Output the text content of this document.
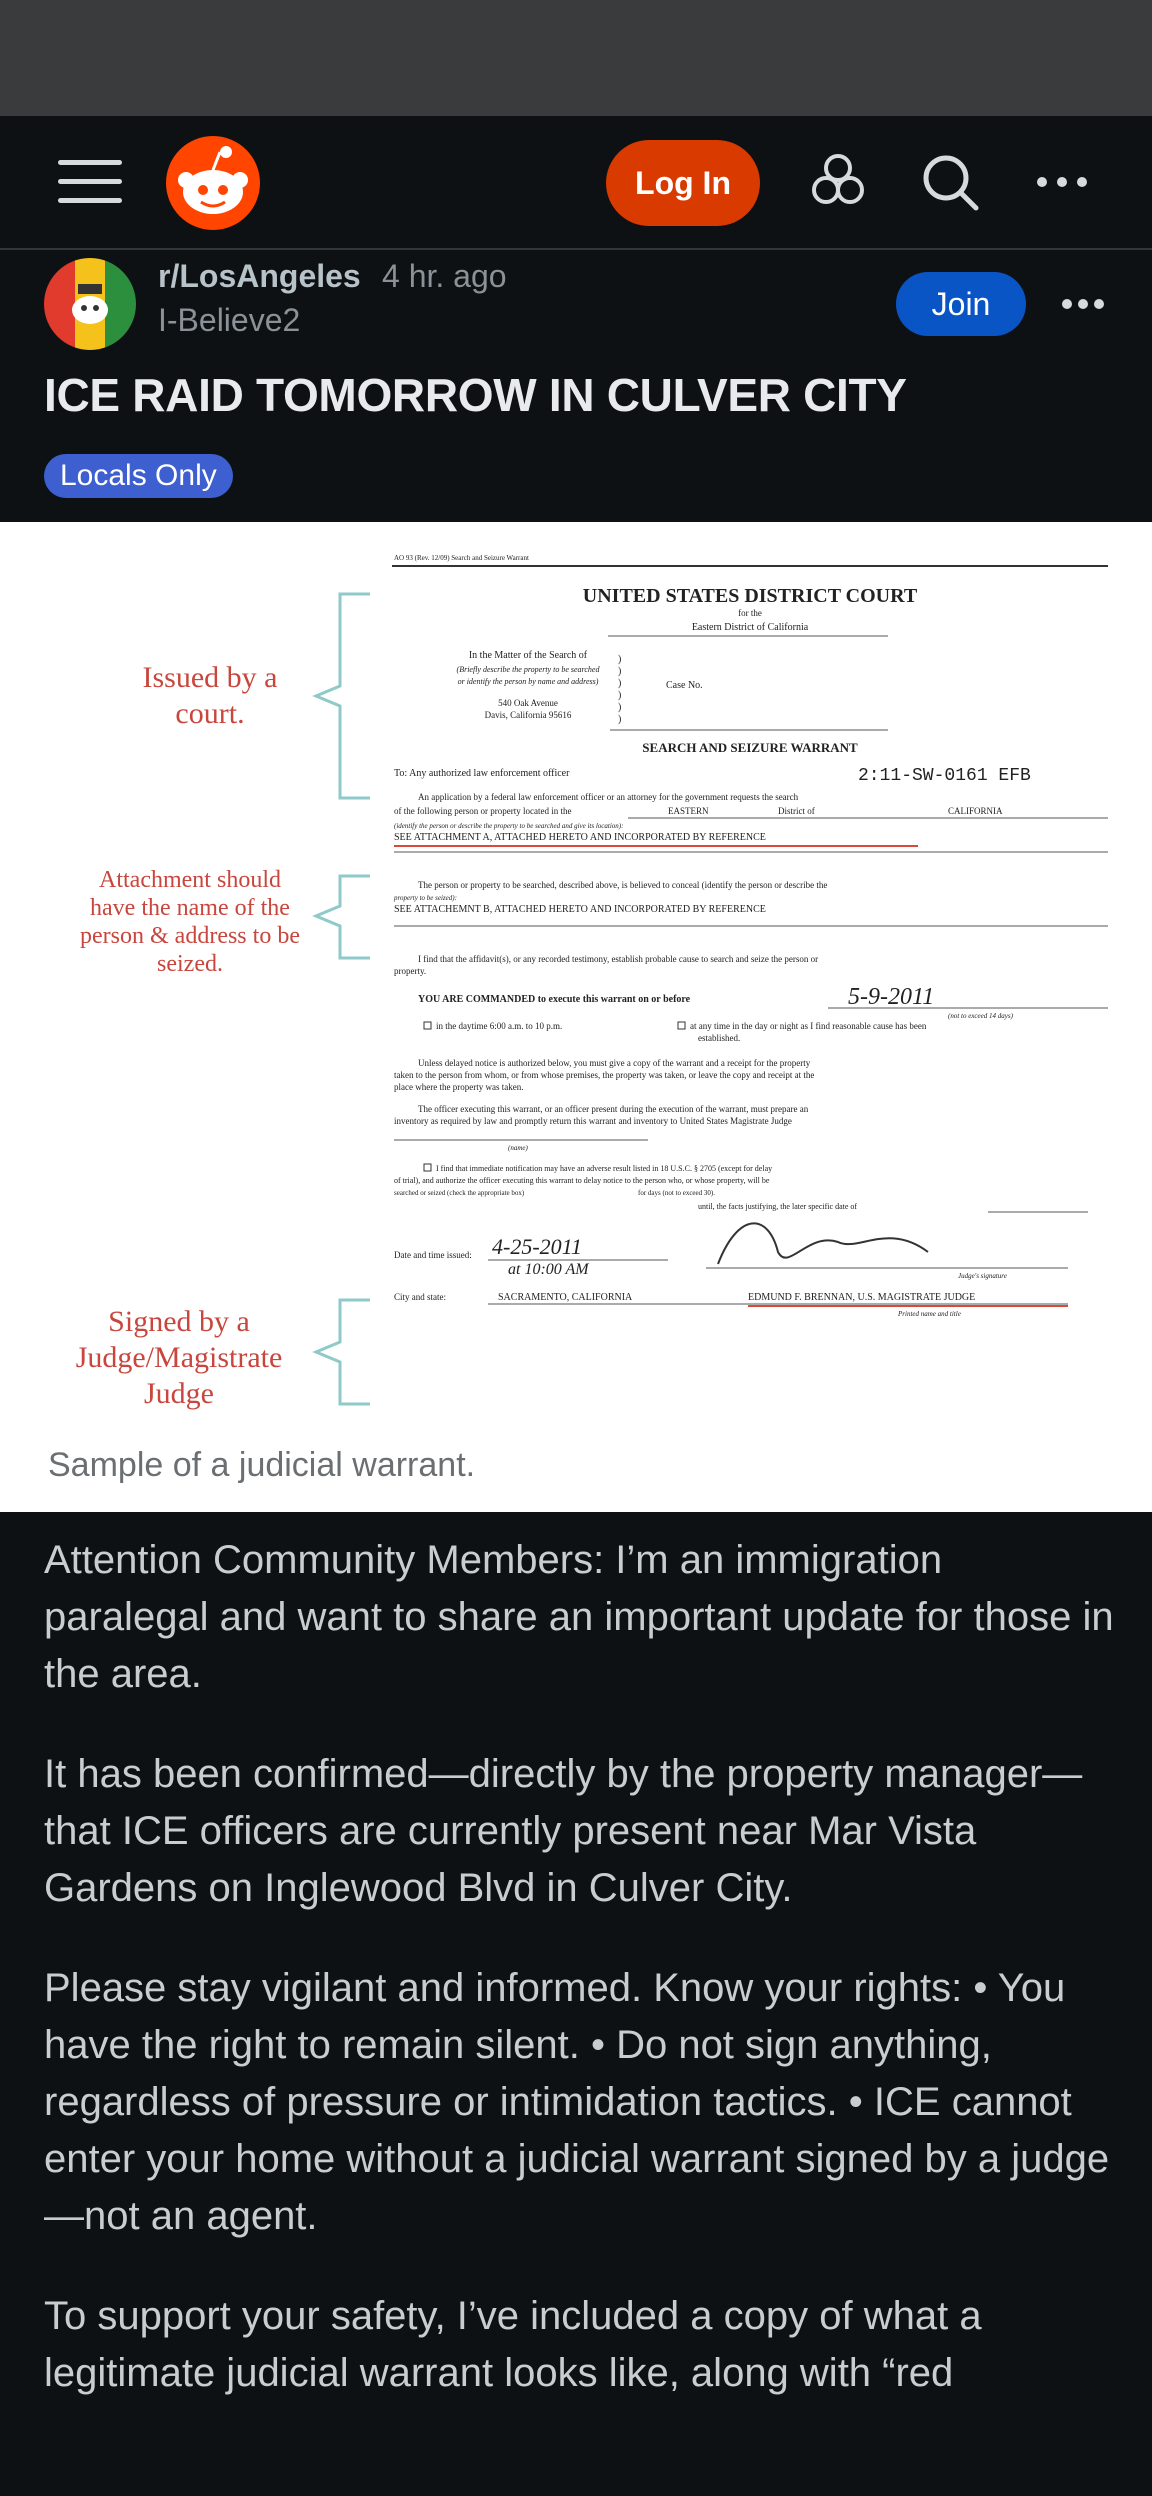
Log In
r/LosAngeles 4 hr. ago
I-Believe2	Join
ICE RAID TOMORROW IN CULVER CITY
Locals Only
Issued by a court.
Attachment should have the name of the person & address to be seized.
Signed by a Judge/Magistrate Judge
AO 93 (Rev. 12/09) Search and Seizure Warrant
UNITED STATES DISTRICT COURT
for the
Eastern District of California
In the Matter of the Search of
(Briefly describe the property to be searched
or identify the person by name and address)
540 Oak Avenue
Davis, California 95616
)
)
)
)
)
)
Case No.
SEARCH AND SEIZURE WARRANT
To: Any authorized law enforcement officer	2:11-SW-0161 EFB
An application by a federal law enforcement officer or an attorney for the government requests the search
of the following person or property located in the	EASTERN	District of	CALIFORNIA
(identify the person or describe the property to be searched and give its location):
SEE ATTACHMENT A, ATTACHED HERETO AND INCORPORATED BY REFERENCE
The person or property to be searched, described above, is believed to conceal (identify the person or describe the
property to be seized):
SEE ATTACHEMNT B, ATTACHED HERETO AND INCORPORATED BY REFERENCE
I find that the affidavit(s), or any recorded testimony, establish probable cause to search and seize the person or
property.
YOU ARE COMMANDED to execute this warrant on or before	5-9-2011
(not to exceed 14 days)
in the daytime 6:00 a.m. to 10 p.m.	at any time in the day or night as I find reasonable cause has been
established.
Unless delayed notice is authorized below, you must give a copy of the warrant and a receipt for the property
taken to the person from whom, or from whose premises, the property was taken, or leave the copy and receipt at the
place where the property was taken.
The officer executing this warrant, or an officer present during the execution of the warrant, must prepare an
inventory as required by law and promptly return this warrant and inventory to United States Magistrate Judge
(name)
I find that immediate notification may have an adverse result listed in 18 U.S.C. § 2705 (except for delay
of trial), and authorize the officer executing this warrant to delay notice to the person who, or whose property, will be
searched or seized (check the appropriate box)	for days (not to exceed 30).
until, the facts justifying, the later specific date of
Date and time issued: 4-25-2011
at 10:00 AM	Judge's signature
City and state:	SACRAMENTO, CALIFORNIA	EDMUND F. BRENNAN, U.S. MAGISTRATE JUDGE
Printed name and title
Sample of a judicial warrant.

Attention Community Members: I’m an immigration paralegal and want to share an important update for those in the area.

It has been confirmed—directly by the property manager—that ICE officers are currently present near Mar Vista Gardens on Inglewood Blvd in Culver City.

Please stay vigilant and informed. Know your rights: • You have the right to remain silent. • Do not sign anything, regardless of pressure or intimidation tactics. • ICE cannot enter your home without a judicial warrant signed by a judge—not an agent.

To support your safety, I’ve included a copy of what a legitimate judicial warrant looks like, along with “red
